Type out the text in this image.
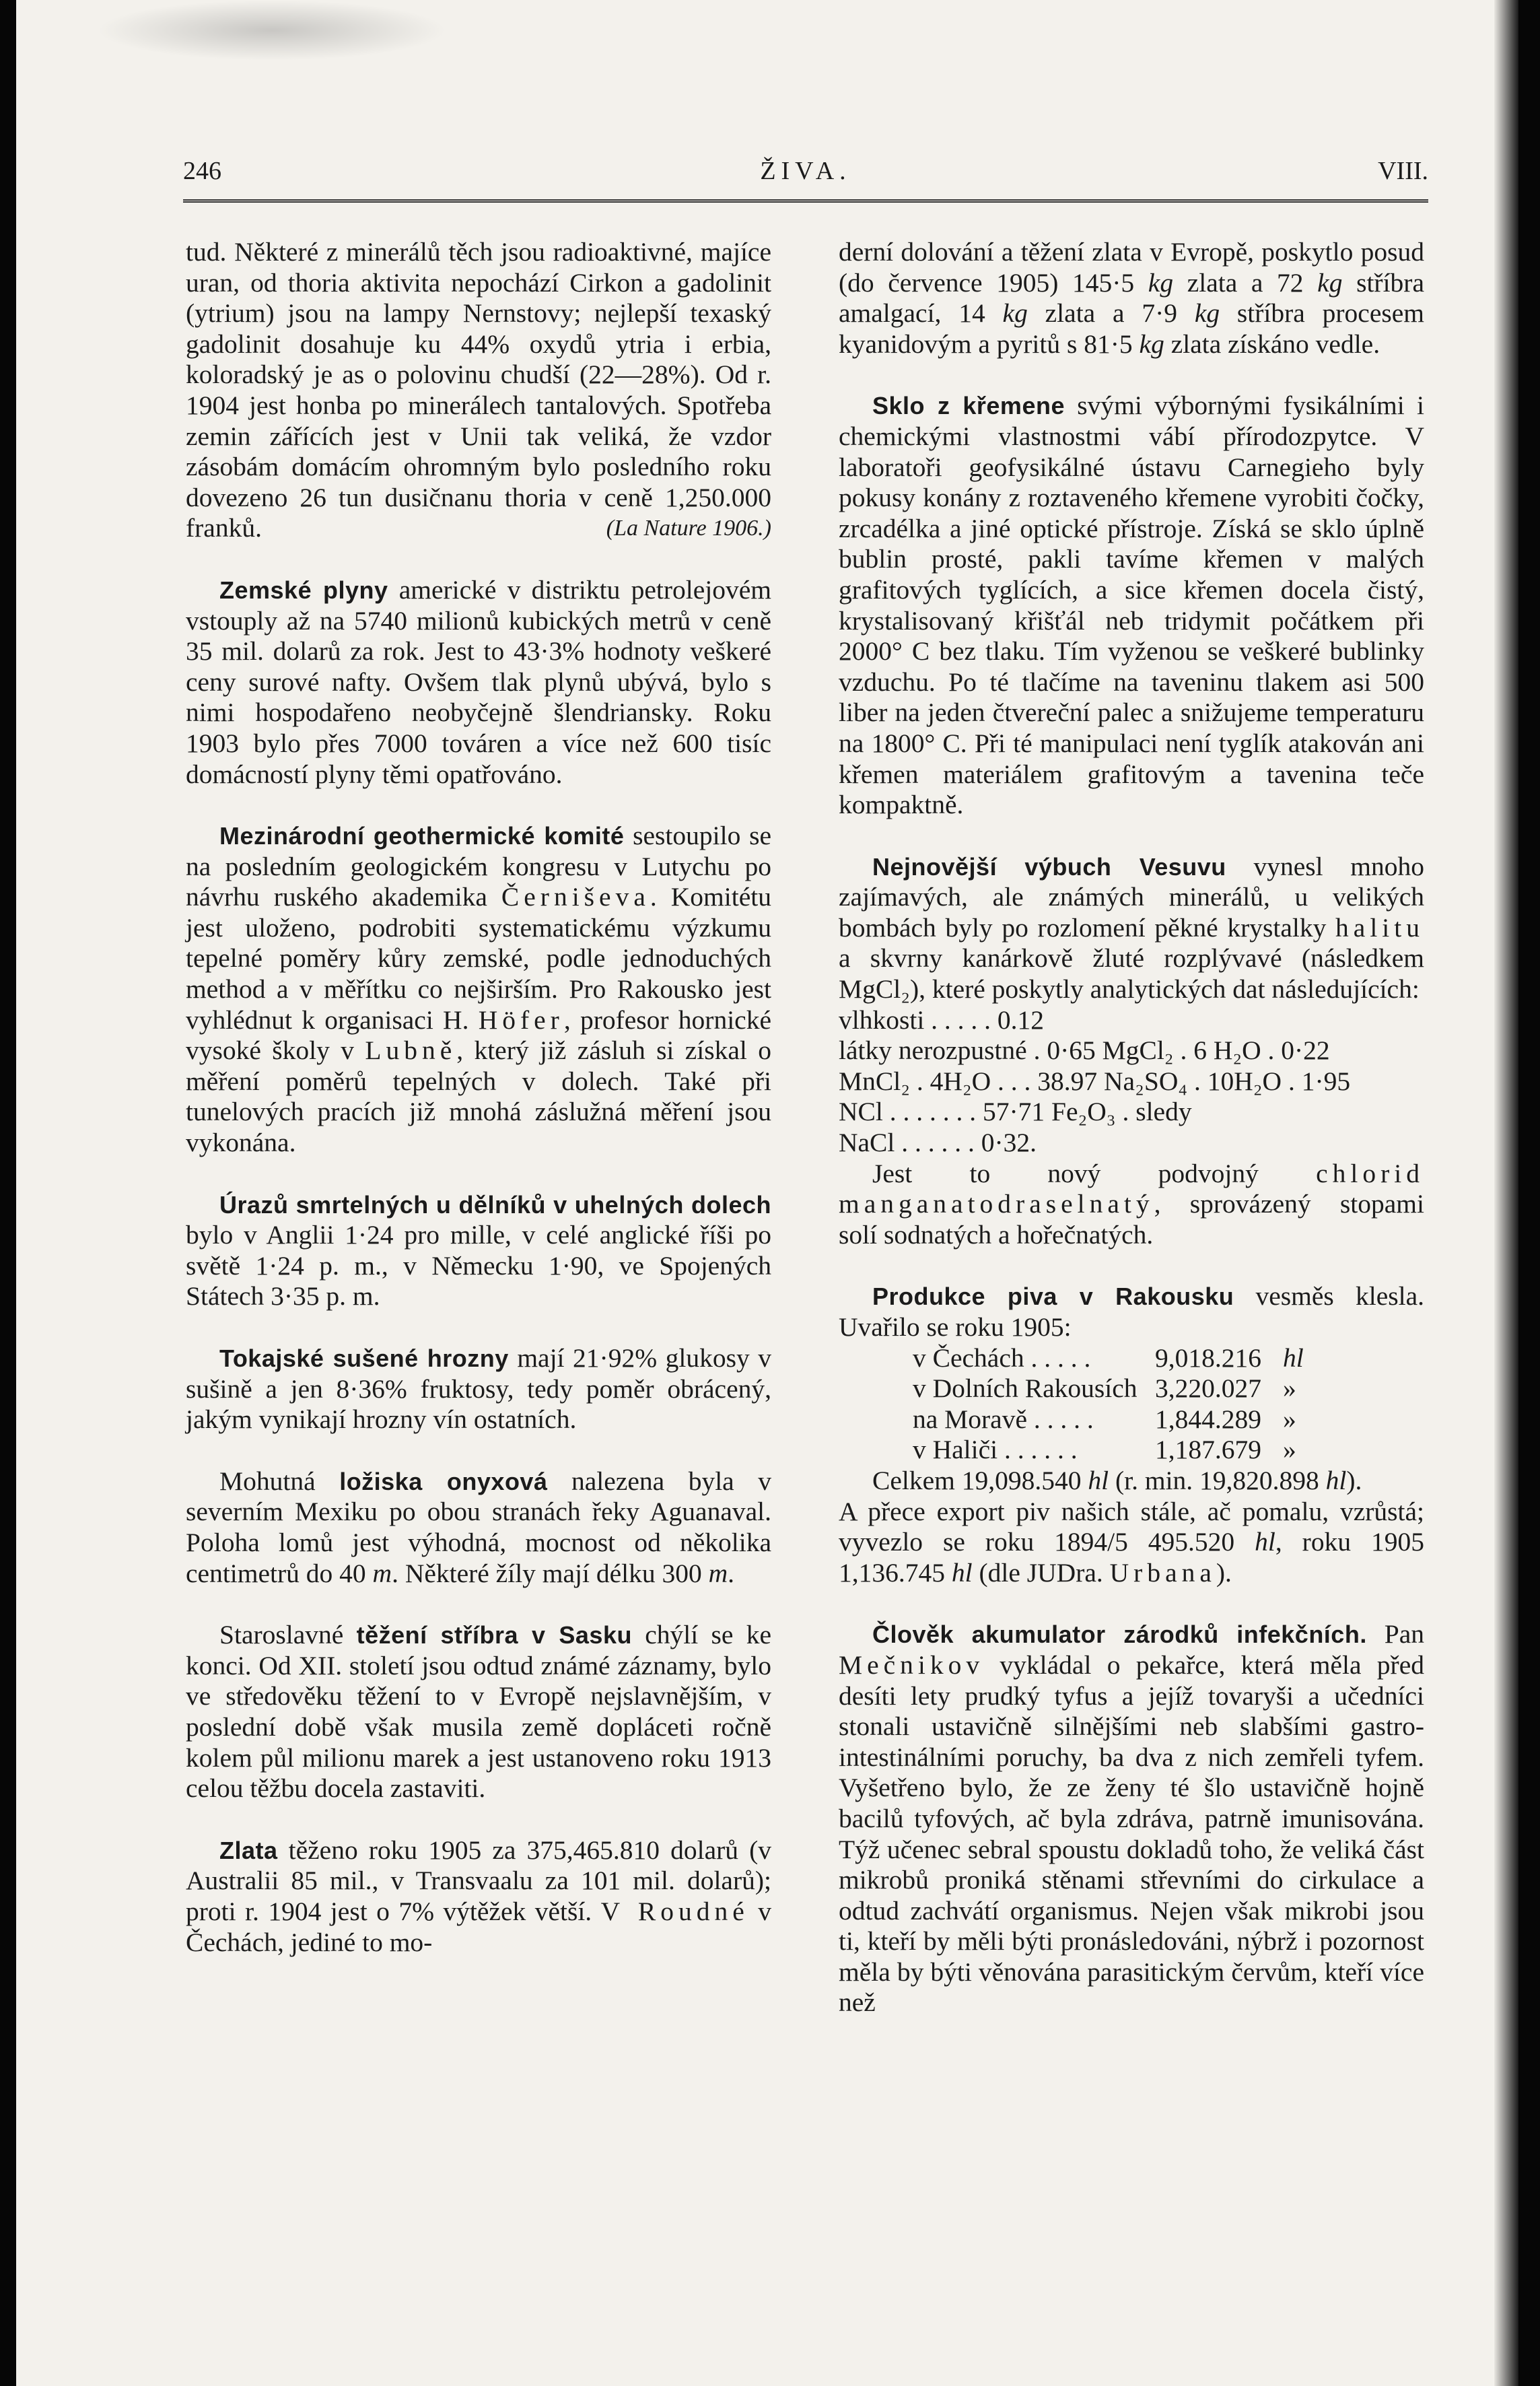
246	ŽIVA.	VIII.

tud. Některé z minerálů těch jsou radioaktivné, majíce uran, od thoria aktivita nepochází Cirkon a gadolinit (ytrium) jsou na lampy Nernstovy; nejlepší texaský gadolinit dosahuje ku 44% oxydů ytria i erbia, koloradský je as o polovinu chudší (22—28%). Od r. 1904 jest honba po minerálech tantalových. Spotřeba zemin zářících jest v Unii tak veliká, že vzdor zásobám domácím ohromným bylo posledního roku dovezeno 26 tun dusičnanu thoria v ceně 1,250.000 franků.	(La Nature 1906.)

Zemské plyny americké v distriktu petrolejovém vstouply až na 5740 milionů kubických metrů v ceně 35 mil. dolarů za rok. Jest to 43·3% hodnoty veškeré ceny surové nafty. Ovšem tlak plynů ubývá, bylo s nimi hospodařeno neobyčejně šlendriansky. Roku 1903 bylo přes 7000 továren a více než 600 tisíc domácností plyny těmi opatřováno.

Mezinárodní geothermické komité sestoupilo se na posledním geologickém kongresu v Lutychu po návrhu ruského akademika Černiševa. Komitétu jest uloženo, podrobiti systematickému výzkumu tepelné poměry kůry zemské, podle jednoduchých method a v měřítku co nejširším. Pro Rakousko jest vyhlédnut k organisaci H. Höfer, profesor hornické vysoké školy v Lubně, který již zásluh si získal o měření poměrů tepelných v dolech. Také při tunelových pracích již mnohá záslužná měření jsou vykonána.

Úrazů smrtelných u dělníků v uhelných dolech bylo v Anglii 1·24 pro mille, v celé anglické říši po světě 1·24 p. m., v Německu 1·90, ve Spojených Státech 3·35 p. m.

Tokajské sušené hrozny mají 21·92% glukosy v sušině a jen 8·36% fruktosy, tedy poměr obrácený, jakým vynikají hrozny vín ostatních.

Mohutná ložiska onyxová nalezena byla v severním Mexiku po obou stranách řeky Aguanaval. Poloha lomů jest výhodná, mocnost od několika centimetrů do 40 m. Některé žíly mají délku 300 m.

Staroslavné těžení stříbra v Sasku chýlí se ke konci. Od XII. století jsou odtud známé záznamy, bylo ve středověku těžení to v Evropě nejslavnějším, v poslední době však musila země dopláceti ročně kolem půl milionu marek a jest ustanoveno roku 1913 celou těžbu docela zastaviti.

Zlata těženo roku 1905 za 375,465.810 dolarů (v Australii 85 mil., v Transvaalu za 101 mil. dolarů); proti r. 1904 jest o 7% výtěžek větší. V Roudné v Čechách, jediné to mo-

derní dolování a těžení zlata v Evropě, poskytlo posud (do července 1905) 145·5 kg zlata a 72 kg stříbra amalgací, 14 kg zlata a 7·9 kg stříbra procesem kyanidovým a pyritů s 81·5 kg zlata získáno vedle.

Sklo z křemene svými výbornými fysikálními i chemickými vlastnostmi vábí přírodozpytce. V laboratoři geofysikálné ústavu Carnegieho byly pokusy konány z roztaveného křemene vyrobiti čočky, zrcadélka a jiné optické přístroje. Získá se sklo úplně bublin prosté, pakli tavíme křemen v malých grafitových tyglících, a sice křemen docela čistý, krystalisovaný křišťál neb tridymit počátkem při 2000° C bez tlaku. Tím vyženou se veškeré bublinky vzduchu. Po té tlačíme na taveninu tlakem asi 500 liber na jeden čtvereční palec a snižujeme temperaturu na 1800° C. Při té manipulaci není tyglík atakován ani křemen materiálem grafitovým a tavenina teče kompaktně.

Nejnovější výbuch Vesuvu vynesl mnoho zajímavých, ale známých minerálů, u velikých bombách byly po rozlomení pěkné krystalky halitu a skvrny kanárkově žluté rozplývavé (následkem MgCl₂), které poskytly analytických dat následujících:

vlhkosti . . . . . 0.12
látky nerozpustné . 0·65 MgCl₂ . 6 H₂O . 0·22
MnCl₂ . 4H₂O . . . 38.97 Na₂SO₄ . 10H₂O . 1·95
NCl . . . . . . . 57·71 Fe₂O₃ . sledy
NaCl . . . . . . 0·32.

Jest to nový podvojný chlorid manganatodraselnatý, sprovázený stopami solí sodnatých a hořečnatých.

Produkce piva v Rakousku vesměs klesla. Uvařilo se roku 1905:

v Čechách . . . . .	9,018.216 hl
v Dolních Rakousích 3,220.027 »
na Moravě . . . . .	1,844.289 »
v Haliči . . . . . .	1,187.679 »

Celkem 19,098.540 hl (r. min. 19,820.898 hl).

A přece export piv našich stále, ač pomalu, vzrůstá; vyvezlo se roku 1894/5 495.520 hl, roku 1905 1,136.745 hl (dle JUDra. Urbana).

Člověk akumulator zárodků infekčních. Pan Mečnikov vykládal o pekařce, která měla před desíti lety prudký tyfus a jejíž tovaryši a učedníci stonali ustavičně silnějšími neb slabšími gastro-intestinálními poruchy, ba dva z nich zemřeli tyfem. Vyšetřeno bylo, že ze ženy té šlo ustavičně hojně bacilů tyfových, ač byla zdráva, patrně imunisována. Týž učenec sebral spoustu dokladů toho, že veliká část mikrobů proniká stěnami střevními do cirkulace a odtud zachvátí organismus. Nejen však mikrobi jsou ti, kteří by měli býti pronásledováni, nýbrž i pozornost měla by býti věnována parasitickým červům, kteří více než
